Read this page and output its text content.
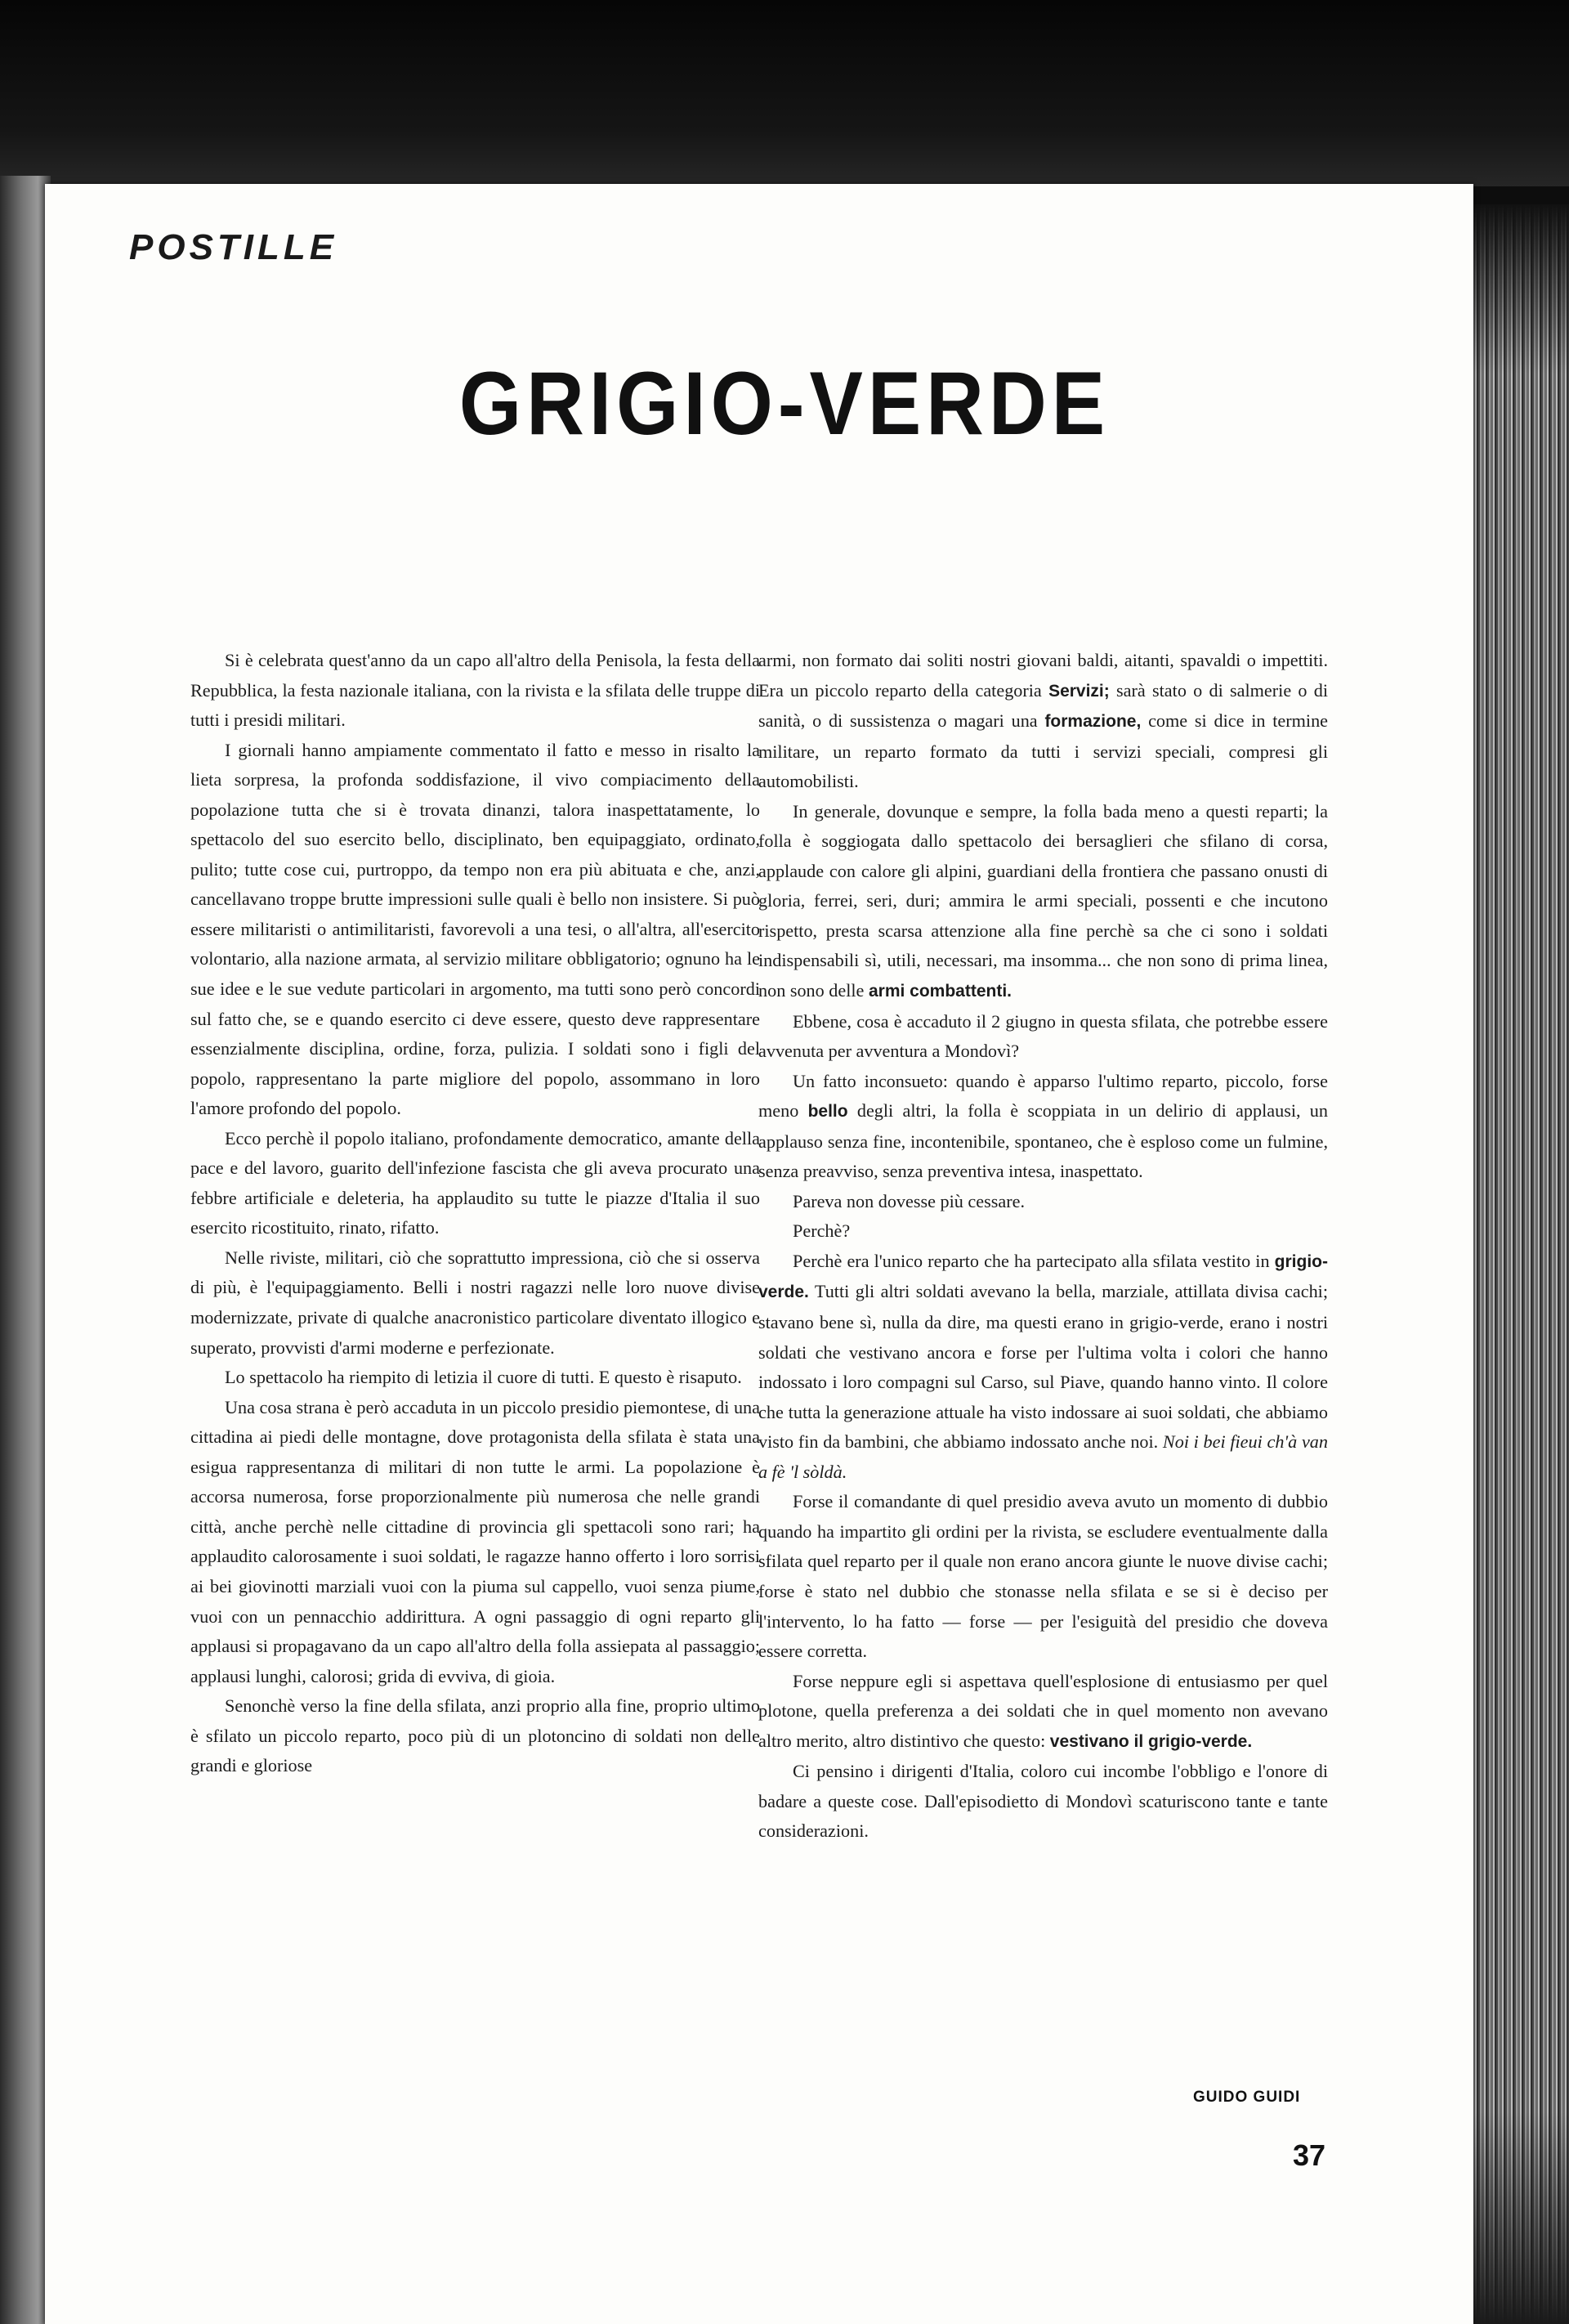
POSTILLE
GRIGIO-VERDE

Si è celebrata quest'anno da un capo all'altro della Penisola, la festa della Repubblica, la festa nazionale italiana, con la rivista e la sfilata delle truppe di tutti i presidi militari.

I giornali hanno ampiamente commentato il fatto e messo in risalto la lieta sorpresa, la profonda soddisfazione, il vivo compiacimento della popolazione tutta che si è trovata dinanzi, talora inaspettatamente, lo spettacolo del suo esercito bello, disciplinato, ben equipaggiato, ordinato, pulito; tutte cose cui, purtroppo, da tempo non era più abituata e che, anzi, cancellavano troppe brutte impressioni sulle quali è bello non insistere. Si può essere militaristi o antimilitaristi, favorevoli a una tesi, o all'altra, all'esercito volontario, alla nazione armata, al servizio militare obbligatorio; ognuno ha le sue idee e le sue vedute particolari in argomento, ma tutti sono però concordi sul fatto che, se e quando esercito ci deve essere, questo deve rappresentare essenzialmente disciplina, ordine, forza, pulizia. I soldati sono i figli del popolo, rappresentano la parte migliore del popolo, assommano in loro l'amore profondo del popolo.

Ecco perchè il popolo italiano, profondamente democratico, amante della pace e del lavoro, guarito dell'infezione fascista che gli aveva procurato una febbre artificiale e deleteria, ha applaudito su tutte le piazze d'Italia il suo esercito ricostituito, rinato, rifatto.

Nelle riviste, militari, ciò che soprattutto impressiona, ciò che si osserva di più, è l'equipaggiamento. Belli i nostri ragazzi nelle loro nuove divise modernizzate, private di qualche anacronistico particolare diventato illogico e superato, provvisti d'armi moderne e perfezionate.

Lo spettacolo ha riempito di letizia il cuore di tutti. E questo è risaputo.

Una cosa strana è però accaduta in un piccolo presidio piemontese, di una cittadina ai piedi delle montagne, dove protagonista della sfilata è stata una esigua rappresentanza di militari di non tutte le armi. La popolazione è accorsa numerosa, forse proporzionalmente più numerosa che nelle grandi città, anche perchè nelle cittadine di provincia gli spettacoli sono rari; ha applaudito calorosamente i suoi soldati, le ragazze hanno offerto i loro sorrisi ai bei giovinotti marziali vuoi con la piuma sul cappello, vuoi senza piume, vuoi con un pennacchio addirittura. A ogni passaggio di ogni reparto gli applausi si propagavano da un capo all'altro della folla assiepata al passaggio; applausi lunghi, calorosi; grida di evviva, di gioia.

Senonchè verso la fine della sfilata, anzi proprio alla fine, proprio ultimo è sfilato un piccolo reparto, poco più di un plotoncino di soldati non delle grandi e gloriose

armi, non formato dai soliti nostri giovani baldi, aitanti, spavaldi o impettiti. Era un piccolo reparto della categoria Servizi; sarà stato o di salmerie o di sanità, o di sussistenza o magari una formazione, come si dice in termine militare, un reparto formato da tutti i servizi speciali, compresi gli automobilisti.

In generale, dovunque e sempre, la folla bada meno a questi reparti; la folla è soggiogata dallo spettacolo dei bersaglieri che sfilano di corsa, applaude con calore gli alpini, guardiani della frontiera che passano onusti di gloria, ferrei, seri, duri; ammira le armi speciali, possenti e che incutono rispetto, presta scarsa attenzione alla fine perchè sa che ci sono i soldati indispensabili sì, utili, necessari, ma insomma... che non sono di prima linea, non sono delle armi combattenti.

Ebbene, cosa è accaduto il 2 giugno in questa sfilata, che potrebbe essere avvenuta per avventura a Mondovì?

Un fatto inconsueto: quando è apparso l'ultimo reparto, piccolo, forse meno bello degli altri, la folla è scoppiata in un delirio di applausi, un applauso senza fine, incontenibile, spontaneo, che è esploso come un fulmine, senza preavviso, senza preventiva intesa, inaspettato.

Pareva non dovesse più cessare.

Perchè?

Perchè era l'unico reparto che ha partecipato alla sfilata vestito in grigio-verde. Tutti gli altri soldati avevano la bella, marziale, attillata divisa cachi; stavano bene sì, nulla da dire, ma questi erano in grigio-verde, erano i nostri soldati che vestivano ancora e forse per l'ultima volta i colori che hanno indossato i loro compagni sul Carso, sul Piave, quando hanno vinto. Il colore che tutta la generazione attuale ha visto indossare ai suoi soldati, che abbiamo visto fin da bambini, che abbiamo indossato anche noi. Noi i bei fieui ch'à van a fè 'l sòldà.

Forse il comandante di quel presidio aveva avuto un momento di dubbio quando ha impartito gli ordini per la rivista, se escludere eventualmente dalla sfilata quel reparto per il quale non erano ancora giunte le nuove divise cachi; forse è stato nel dubbio che stonasse nella sfilata e se si è deciso per l'intervento, lo ha fatto — forse — per l'esiguità del presidio che doveva essere corretta.

Forse neppure egli si aspettava quell'esplosione di entusiasmo per quel plotone, quella preferenza a dei soldati che in quel momento non avevano altro merito, altro distintivo che questo: vestivano il grigio-verde.

Ci pensino i dirigenti d'Italia, coloro cui incombe l'obbligo e l'onore di badare a queste cose. Dall'episodietto di Mondovì scaturiscono tante e tante considerazioni.

GUIDO GUIDI

37
